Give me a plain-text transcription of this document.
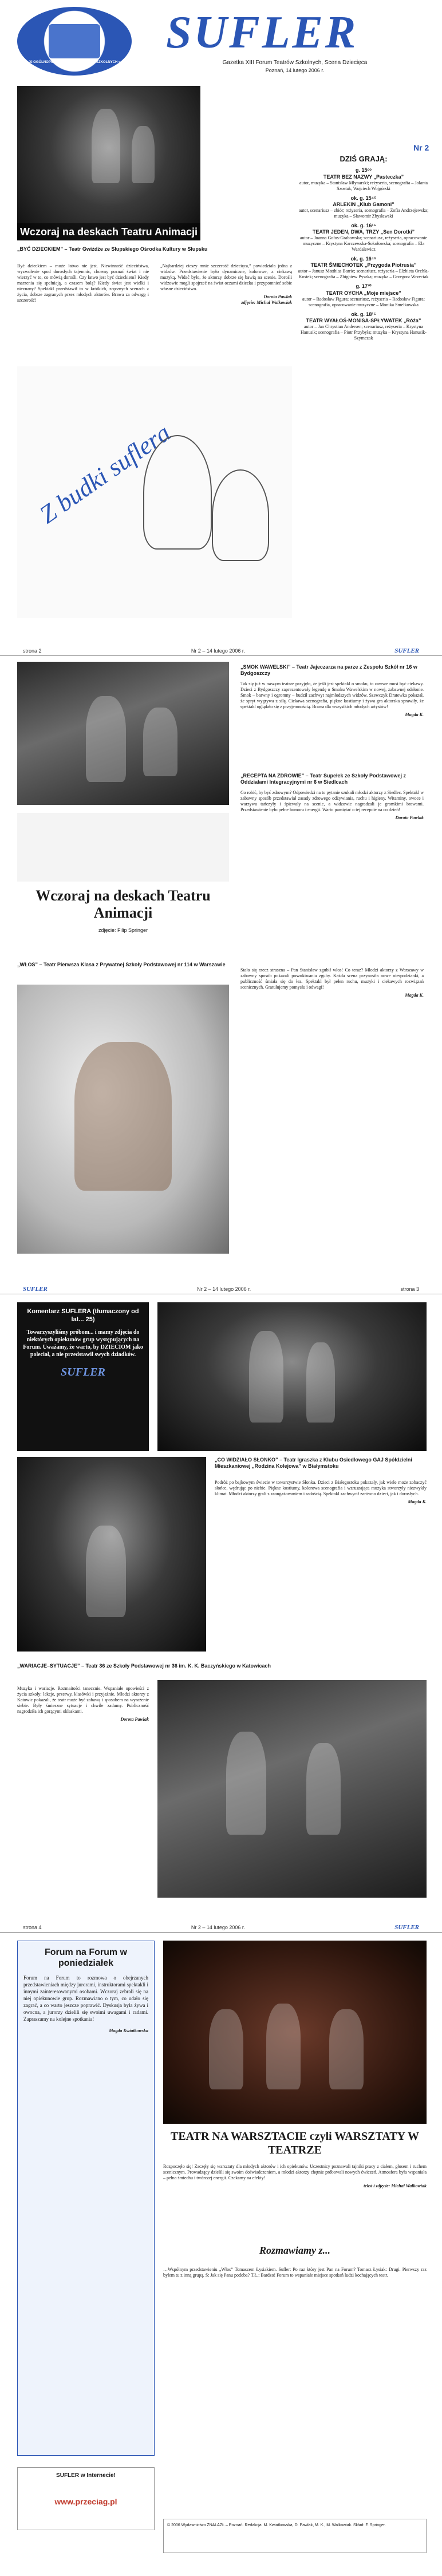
XI OGÓLNOPOLSKIE FORUM TEATRÓW SZKOLNYCH • POZNAŃ 2006
SUFLER
Gazetka XIII Forum Teatrów Szkolnych, Scena Dziecięca
Poznań, 14 lutego 2006 r.
Nr 2
Wczoraj na deskach Teatru Animacji
DZIŚ GRAJĄ:
g. 15ᵒᵒ
TEATR BEZ NAZWY „Pasteczka”
autor, muzyka – Stanisław Młynarski; reżyseria, scenografia – Jolanta Szostak, Wojciech Wojgórski
ok. g. 15⁴⁵
ARLEKIN „Klub Gamoni”
autor, scenariusz – zbiór; reżyseria, scenografia – Zofia Andrzejewska; muzyka – Sławomir Zbysławski
ok. g. 16¹⁵
TEATR JEDEN, DWA, TRZY „Sen Dorotki”
autor – Joanna Gołos-Grabowska; scenariusz, reżyseria, opracowanie muzyczne – Krystyna Karczewska-Sokołowska; scenografia – Ela Wardalewicz
ok. g. 16⁴⁵
TEATR ŚMIECHOTEK „Przygoda Piotrusia”
autor – Janusz Matthias Barrie; scenariusz, reżyseria – Elżbieta Orchla-Kostek; scenografia – Zbigniew Pyszka; muzyka – Grzegorz Wrzeciak
g. 17³⁰
TEATR OYCHA „Moje miejsce”
autor – Radosław Figura; scenariusz, reżyseria – Radosław Figura; scenografia, opracowanie muzyczne – Monika Smełkowska
ok. g. 18¹⁵
TEATR WYAŁOŚ-MONISA-SPŁYWATEK „Róża”
autor – Jan Chrystian Andersen; scenariusz, reżyseria – Krystyna Hanusik; scenografia – Piotr Przybyła; muzyka – Krystyna Hanusik-Szymczak
„BYĆ DZIECKIEM” – Teatr Gwiżdże ze Słupskiego Ośrodka Kultury w Słupsku

Być dzieckiem – może łatwo nie jest. Niewinność dzieciństwa, wyzwolenie spod dorosłych tajemnic, chcemy poznać świat i nie wierzyć w to, co mówią dorośli. Czy łatwo jest być dzieckiem? Kiedy marzenia się spełniają, a czasem bolą? Kiedy świat jest wielki i nieznany? Spektakl przedstawił to w krótkich, zręcznych scenach z życia, dobrze zagranych przez młodych aktorów. Brawa za odwagę i szczerość!

„Najbardziej cieszy mnie szczerość dziecięca,” powiedziała jedna z widzów. Przedstawienie było dynamiczne, kolorowe, z ciekawą muzyką. Widać było, że aktorzy dobrze się bawią na scenie. Dorośli widzowie mogli spojrzeć na świat oczami dziecka i przypomnieć sobie własne dzieciństwo.

Dorota Pawlak
zdjęcie: Michał Walkowiak
Z budki suflera
strona 2	Nr 2 – 14 lutego 2006 r.	SUFLER
„SMOK WAWELSKI” – Teatr Jajeczarza na parze z Zespołu Szkół nr 16 w Bydgoszczy

Tak się już w naszym teatrze przyjęło, że jeśli jest spektakl o smoku, to zawsze musi być ciekawy. Dzieci z Bydgoszczy zaprezentowały legendę o Smoku Wawelskim w nowej, zabawnej odsłonie. Smok – barwny i ogromny – budził zachwyt najmłodszych widzów. Szewczyk Dratewka pokazał, że spryt wygrywa z siłą. Ciekawa scenografia, piękne kostiumy i żywa gra aktorska sprawiły, że spektakl oglądało się z przyjemnością. Brawa dla wszystkich młodych artystów!

Magda K.
Wczoraj na deskach Teatru Animacji
zdjęcie: Filip Springer
„RECEPTA NA ZDROWIE” – Teatr Supełek ze Szkoły Podstawowej z Oddziałami Integracyjnymi nr 6 w Siedlcach

Co robić, by być zdrowym? Odpowiedzi na to pytanie szukali młodzi aktorzy z Siedlec. Spektakl w zabawny sposób przedstawiał zasady zdrowego odżywiania, ruchu i higieny. Witaminy, owoce i warzywa tańczyły i śpiewały na scenie, a widzowie nagradzali je gromkimi brawami. Przedstawienie było pełne humoru i energii. Warto pamiętać o tej recepcie na co dzień!

Dorota Pawlak
„WŁOS” – Teatr Pierwsza Klasa z Prywatnej Szkoły Podstawowej nr 114 w Warszawie

Stało się rzecz straszna – Pan Stanisław zgubił włos! Co teraz? Młodzi aktorzy z Warszawy w zabawny sposób pokazali poszukiwania zguby. Każda scena przynosiła nowe niespodzianki, a publiczność śmiała się do łez. Spektakl był pełen ruchu, muzyki i ciekawych rozwiązań scenicznych. Gratulujemy pomysłu i odwagi!

Magda K.
SUFLER	Nr 2 – 14 lutego 2006 r.	strona 3
Komentarz SUFLERA (tłumaczony od lat... 25)
Towarzyszyliśmy próbom... i mamy zdjęcia do niektórych opiekunów grup występujących na Forum. Uważamy, że warto, by DZIECIOM jako poleciał, a nie przedstawił swych dziadków.
SUFLER
„CO WIDZIAŁO SŁONKO” – Teatr Igraszka z Klubu Osiedlowego GAJ Spółdzielni Mieszkaniowej „Rodzina Kolejowa” w Białymstoku

Podróż po bajkowym świecie w towarzystwie Słonka. Dzieci z Białegostoku pokazały, jak wiele może zobaczyć słońce, wędrując po niebie. Piękne kostiumy, kolorowa scenografia i wzruszająca muzyka stworzyły niezwykły klimat. Młodzi aktorzy grali z zaangażowaniem i radością. Spektakl zachwycił zarówno dzieci, jak i dorosłych.

Magda K.
„WARIACJE–SYTUACJE” – Teatr 36 ze Szkoły Podstawowej nr 36 im. K. K. Baczyńskiego w Katowicach

Muzyka i wariacje. Rozmaitości tanecznie. Wspaniałe opowieści z życia szkoły: lekcje, przerwy, klasówki i przyjaźnie. Młodzi aktorzy z Katowic pokazali, że teatr może być zabawą i sposobem na wyrażenie siebie. Były śmieszne sytuacje i chwile zadumy. Publiczność nagrodziła ich gorącymi oklaskami.

Dorota Pawlak
strona 4	Nr 2 – 14 lutego 2006 r.	SUFLER
Forum na Forum w poniedziałek
Forum na Forum to rozmowa o obejrzanych przedstawieniach między jurorami, instruktorami spektakli i innymi zainteresowanymi osobami. Wczoraj zebrali się na niej opiekunowie grup. Rozmawiano o tym, co udało się zagrać, a co warto jeszcze poprawić. Dyskusja była żywa i owocna, a jurorzy dzielili się swoimi uwagami i radami. Zapraszamy na kolejne spotkania!
Magda Kwiatkowska
SUFLER w Internecie!
www.przeciag.pl
TEATR NA WARSZTACIE czyli WARSZTATY W TEATRZE

Rozpoczęło się! Zaczęły się warsztaty dla młodych aktorów i ich opiekunów. Uczestnicy poznawali tajniki pracy z ciałem, głosem i ruchem scenicznym. Prowadzący dzielili się swoim doświadczeniem, a młodzi aktorzy chętnie próbowali nowych ćwiczeń. Atmosfera była wspaniała – pełna śmiechu i twórczej energii. Czekamy na efekty!

tekst i zdjęcie: Michał Walkowiak
Rozmawiamy z...

…Wspólnym przedstawieniu „Włos” Tomaszem Łysiakiem. Sufler: Po raz który jest Pan na Forum? Tomasz Łysiak: Drugi. Pierwszy raz byłem tu z inną grupą. S: Jak się Panu podoba? T.Ł.: Bardzo! Forum to wspaniałe miejsce spotkań ludzi kochających teatr.

© 2006 Wydawnictwo ZNALAZŁ – Poznań. Redakcja: M. Kwiatkowska, D. Pawlak, M. K., M. Walkowiak. Skład: F. Springer.
